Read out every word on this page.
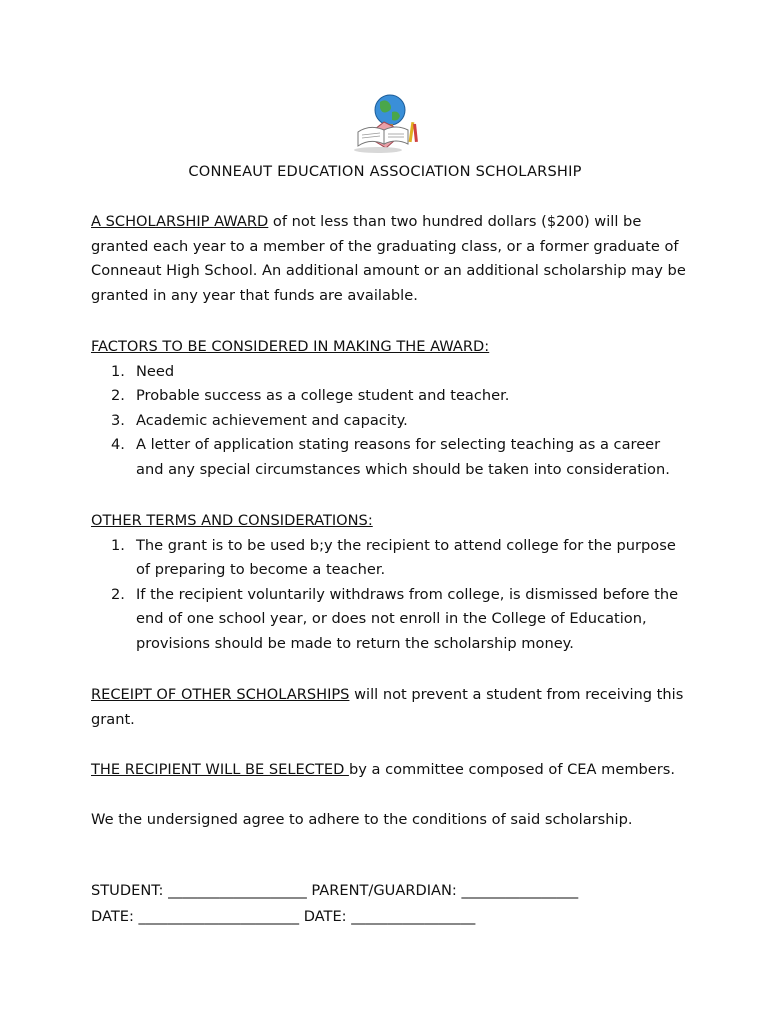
CONNEAUT EDUCATION ASSOCIATION SCHOLARSHIP
A SCHOLARSHIP AWARD of not less than two hundred dollars ($200) will be granted each year to a member of the graduating class, or a former graduate of Conneaut High School. An additional amount or an additional scholarship may be granted in any year that funds are available.
FACTORS TO BE CONSIDERED IN MAKING THE AWARD:
1. Need
2. Probable success as a college student and teacher.
3. Academic achievement and capacity.
4. A letter of application stating reasons for selecting teaching as a career and any special circumstances which should be taken into consideration.
OTHER TERMS AND CONSIDERATIONS:
1. The grant is to be used b;y the recipient to attend college for the purpose of preparing to become a teacher.
2. If the recipient voluntarily withdraws from college, is dismissed before the end of one school year, or does not enroll in the College of Education, provisions should be made to return the scholarship money.
RECEIPT OF OTHER SCHOLARSHIPS will not prevent a student from receiving this grant.
THE RECIPIENT WILL BE SELECTED by a committee composed of CEA members.
We the undersigned agree to adhere to the conditions of said scholarship.
STUDENT: ___________________ PARENT/GUARDIAN: ________________
DATE: ______________________ DATE: _________________
